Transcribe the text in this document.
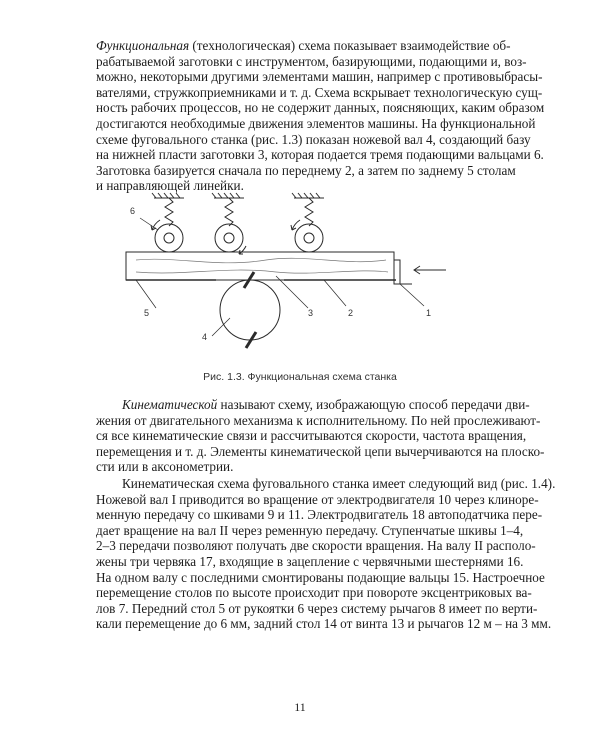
Функциональная (технологическая) схема показывает взаимодействие об-
рабатываемой заготовки с инструментом, базирующими, подающими и, воз-
можно, некоторыми другими элементами машин, например с противовыбрасы-
вателями, стружкоприемниками и т. д. Схема вскрывает технологическую сущ-
ность рабочих процессов, но не содержит данных, поясняющих, каким образом
достигаются необходимые движения элементов машины. На функциональной
схеме фуговального станка (рис. 1.3) показан ножевой вал 4, создающий базу
на нижней пласти заготовки 3, которая подается тремя подающими вальцами 6.
Заготовка базируется сначала по переднему 2, а затем по заднему 5 столам
и направляющей линейки.

6
5
4
3	2	1
Рис. 1.3. Функциональная схема станка

Кинематической называют схему, изображающую способ передачи дви-
жения от двигательного механизма к исполнительному. По ней прослеживают-
ся все кинематические связи и рассчитываются скорости, частота вращения,
перемещения и т. д. Элементы кинематической цепи вычерчиваются на плоско-
сти или в аксонометрии.

Кинематическая схема фуговального станка имеет следующий вид (рис. 1.4).
Ножевой вал I приводится во вращение от электродвигателя 10 через клиноре-
менную передачу со шкивами 9 и 11. Электродвигатель 18 автоподатчика пере-
дает вращение на вал II через ременную передачу. Ступенчатые шкивы 1–4,
2–3 передачи позволяют получать две скорости вращения. На валу II располо-
жены три червяка 17, входящие в зацепление с червячными шестернями 16.
На одном валу с последними смонтированы подающие вальцы 15. Настроечное
перемещение столов по высоте происходит при повороте эксцентриковых ва-
лов 7. Передний стол 5 от рукоятки 6 через систему рычагов 8 имеет по верти-
кали перемещение до 6 мм, задний стол 14 от винта 13 и рычагов 12 м – на 3 мм.

11
